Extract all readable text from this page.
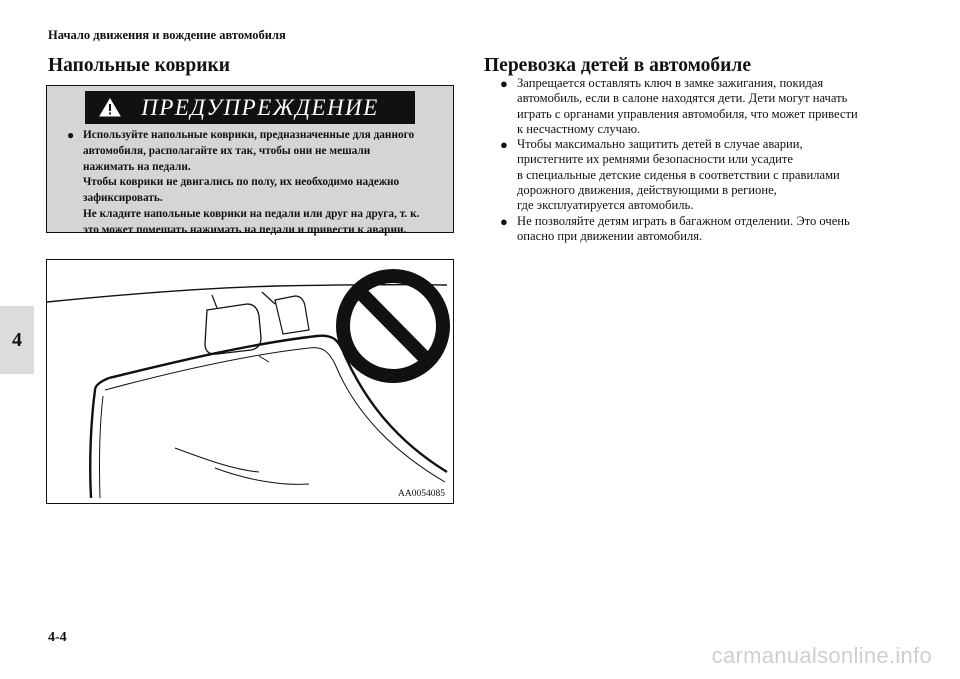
Начало движения и вождение автомобиля
4
Напольные коврики
ПРЕДУПРЕЖДЕНИЕ
● Используйте напольные коврики, предназначенные для данного
автомобиля, располагайте их так, чтобы они не мешали
нажимать на педали.
Чтобы коврики не двигались по полу, их необходимо надежно
зафиксировать.
Не кладите напольные коврики на педали или друг на друга, т. к.
это может помешать нажимать на педали и привести к аварии.
AA0054085
Перевозка детей в автомобиле
● Запрещается оставлять ключ в замке зажигания, покидая
автомобиль, если в салоне находятся дети. Дети могут начать
играть с органами управления автомобиля, что может привести
к несчастному случаю.
● Чтобы максимально защитить детей в случае аварии,
пристегните их ремнями безопасности или усадите
в специальные детские сиденья в соответствии с правилами
дорожного движения, действующими в регионе,
где эксплуатируется автомобиль.
● Не позволяйте детям играть в багажном отделении. Это очень
опасно при движении автомобиля.
4-4
carmanualsonline.info
